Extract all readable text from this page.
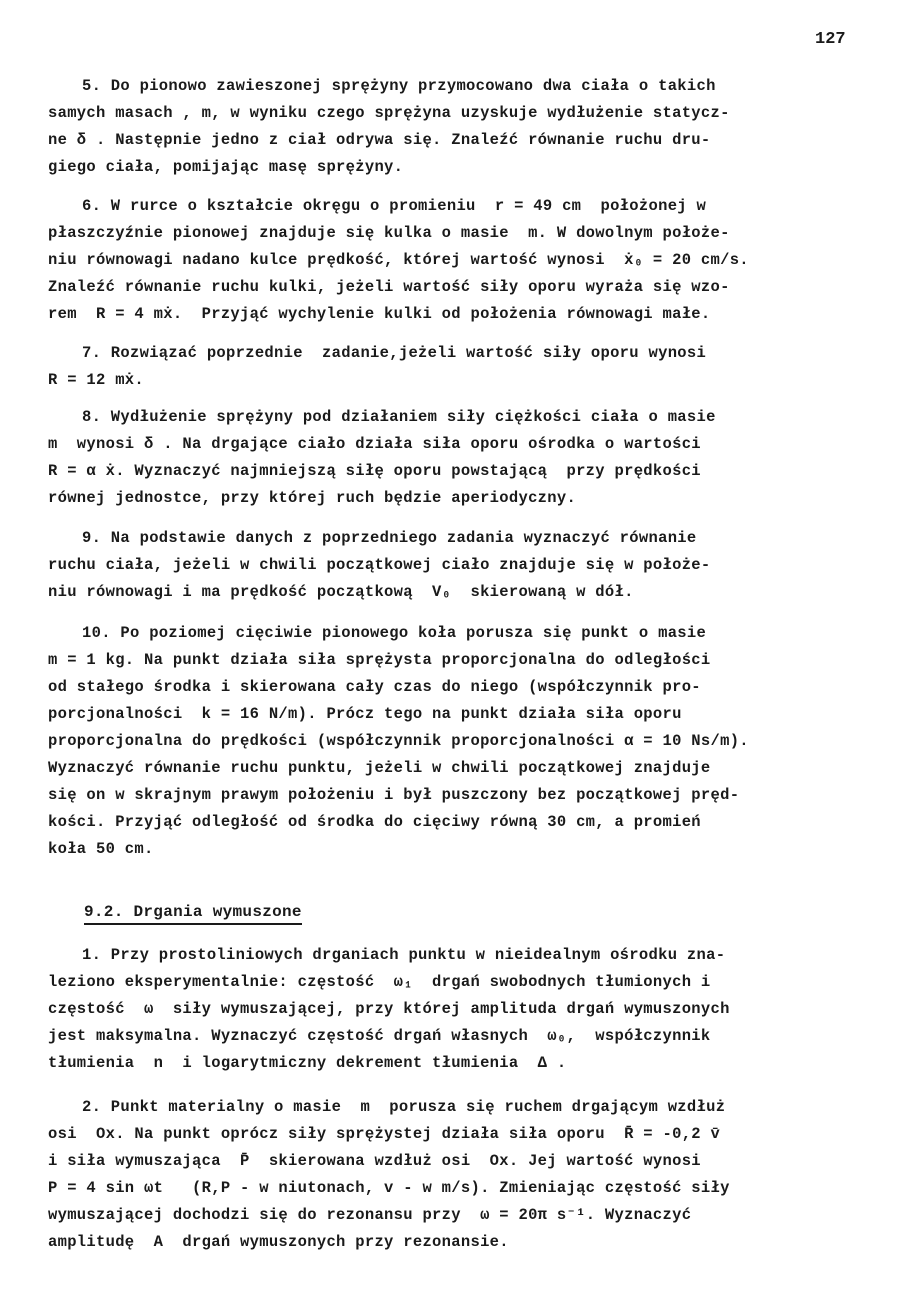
127
5. Do pionowo zawieszonej sprężyny przymocowano dwa ciała o takich
samych masach , m, w wyniku czego sprężyna uzyskuje wydłużenie statycz-
ne δ . Następnie jedno z ciał odrywa się. Znaleźć równanie ruchu dru-
giego ciała, pomijając masę sprężyny.
6. W rurce o kształcie okręgu o promieniu  r = 49 cm  położonej w
płaszczyźnie pionowej znajduje się kulka o masie  m. W dowolnym położe-
niu równowagi nadano kulce prędkość, której wartość wynosi  ẋ₀ = 20 cm/s.
Znaleźć równanie ruchu kulki, jeżeli wartość siły oporu wyraża się wzo-
rem  R = 4 mẋ.  Przyjąć wychylenie kulki od położenia równowagi małe.
7. Rozwiązać poprzednie  zadanie,jeżeli wartość siły oporu wynosi
R = 12 mẋ.
8. Wydłużenie sprężyny pod działaniem siły ciężkości ciała o masie
m  wynosi δ . Na drgające ciało działa siła oporu ośrodka o wartości
R = α ẋ. Wyznaczyć najmniejszą siłę oporu powstającą  przy prędkości
równej jednostce, przy której ruch będzie aperiodyczny.
9. Na podstawie danych z poprzedniego zadania wyznaczyć równanie
ruchu ciała, jeżeli w chwili początkowej ciało znajduje się w położe-
niu równowagi i ma prędkość początkową  V₀  skierowaną w dół.
10. Po poziomej cięciwie pionowego koła porusza się punkt o masie
m = 1 kg. Na punkt działa siła sprężysta proporcjonalna do odległości
od stałego środka i skierowana cały czas do niego (współczynnik pro-
porcjonalności  k = 16 N/m). Prócz tego na punkt działa siła oporu
proporcjonalna do prędkości (współczynnik proporcjonalności α = 10 Ns/m).
Wyznaczyć równanie ruchu punktu, jeżeli w chwili początkowej znajduje
się on w skrajnym prawym położeniu i był puszczony bez początkowej pręd-
kości. Przyjąć odległość od środka do cięciwy równą 30 cm, a promień
koła 50 cm.
9.2. Drgania wymuszone
1. Przy prostoliniowych drganiach punktu w nieidealnym ośrodku zna-
leziono eksperymentalnie: częstość  ω₁  drgań swobodnych tłumionych i
częstość  ω  siły wymuszającej, przy której amplituda drgań wymuszonych
jest maksymalna. Wyznaczyć częstość drgań własnych  ω₀,  współczynnik
tłumienia  n  i logarytmiczny dekrement tłumienia  Δ .
2. Punkt materialny o masie  m  porusza się ruchem drgającym wzdłuż
osi  Ox. Na punkt oprócz siły sprężystej działa siła oporu  R̄ = -0,2 v̄
i siła wymuszająca  P̄  skierowana wzdłuż osi  Ox. Jej wartość wynosi
P = 4 sin ωt   (R,P - w niutonach, v - w m/s). Zmieniając częstość siły
wymuszającej dochodzi się do rezonansu przy  ω = 20π s⁻¹. Wyznaczyć
amplitudę  A  drgań wymuszonych przy rezonansie.
